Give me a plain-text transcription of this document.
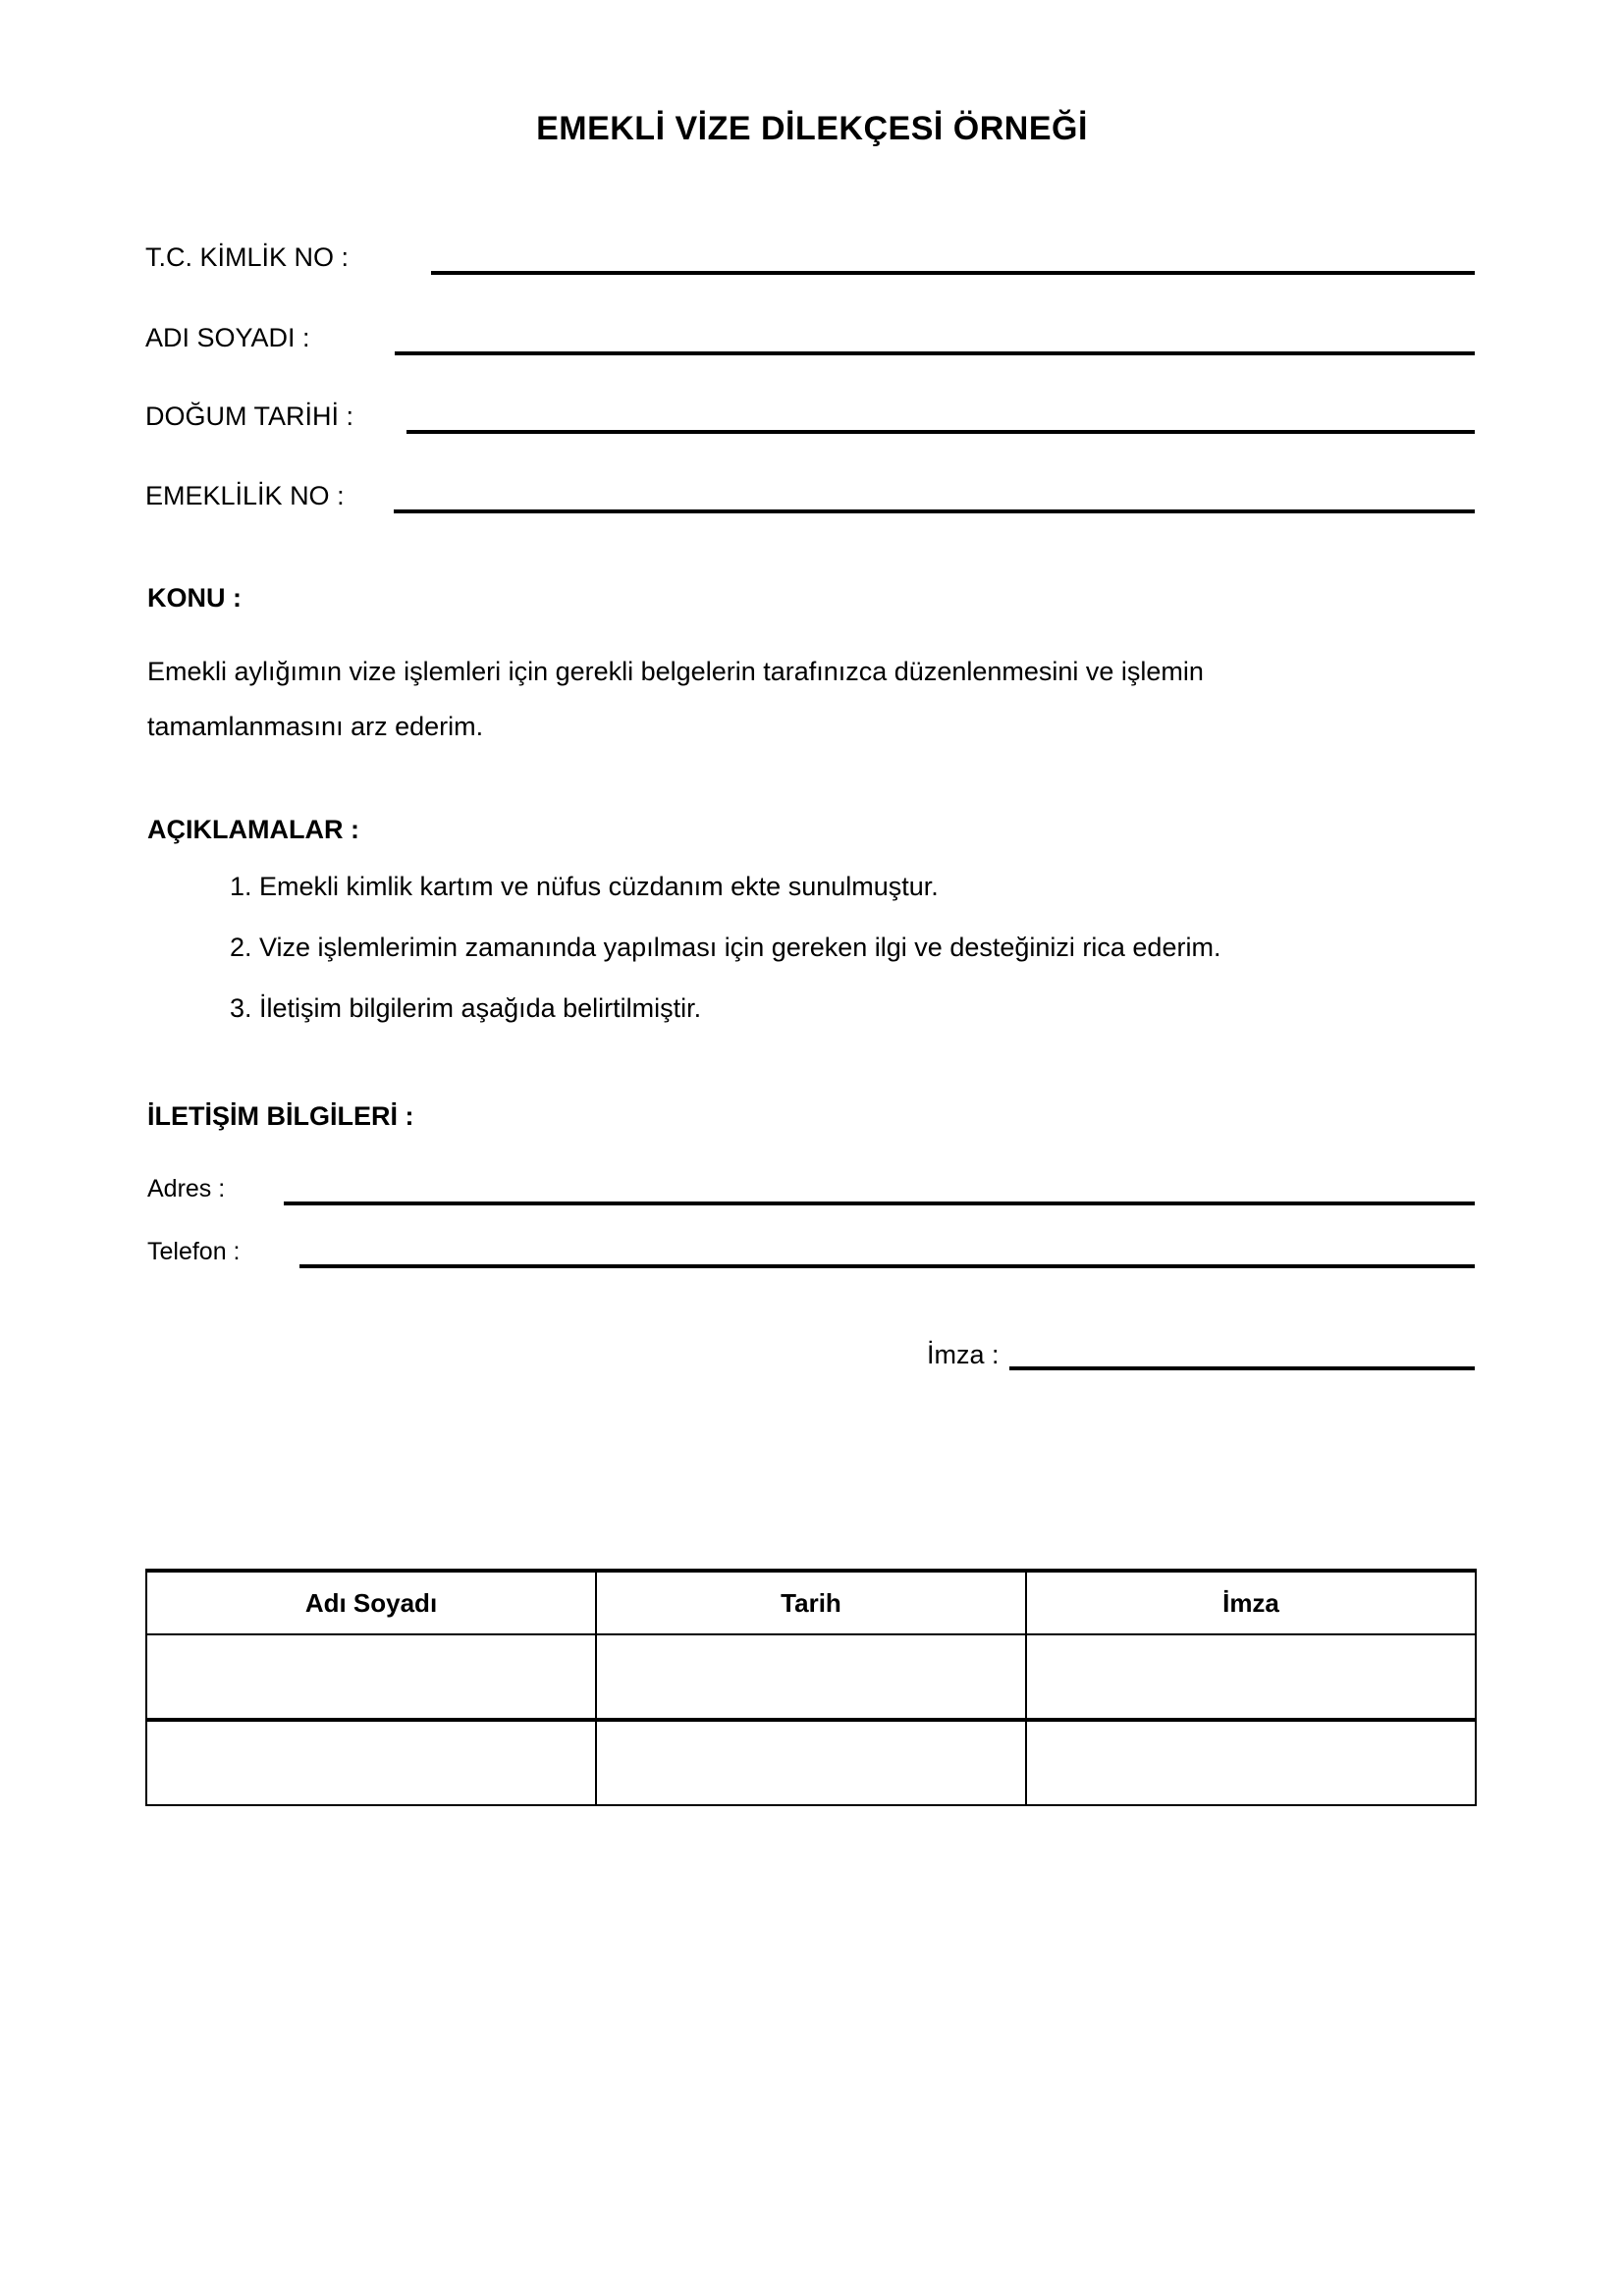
EMEKLİ VİZE DİLEKÇESİ ÖRNEĞİ
T.C. KİMLİK NO :
ADI SOYADI :
DOĞUM TARİHİ :
EMEKLİLİK NO :
KONU :
Emekli aylığımın vize işlemleri için gerekli belgelerin tarafınızca düzenlenmesini ve işlemin tamamlanmasını arz ederim.
AÇIKLAMALAR :
1. Emekli kimlik kartım ve nüfus cüzdanım ekte sunulmuştur.
2. Vize işlemlerimin zamanında yapılması için gereken ilgi ve desteğinizi rica ederim.
3. İletişim bilgilerim aşağıda belirtilmiştir.
İLETİŞİM BİLGİLERİ :
Adres :
Telefon :
İmza :
Adı Soyadı	Tarih	İmza
